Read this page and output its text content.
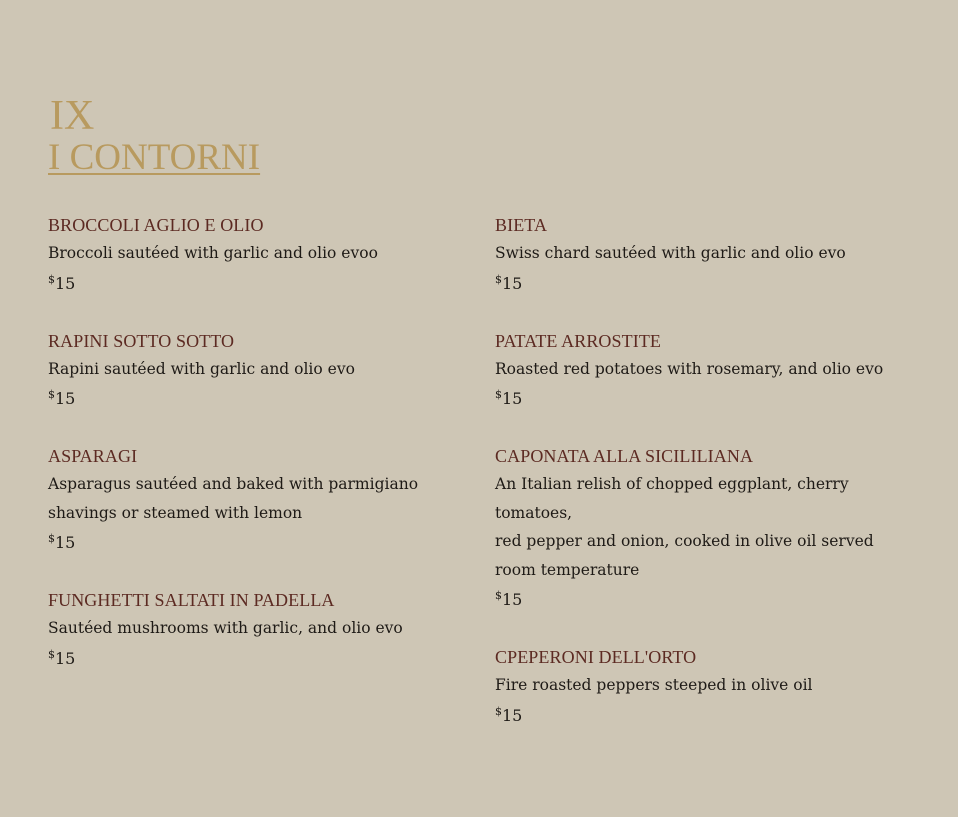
IX
I CONTORNI
BROCCOLI AGLIO E OLIO
Broccoli sautéed with garlic and olio evoo
$15
RAPINI SOTTO SOTTO
Rapini sautéed with garlic and olio evo
$15
ASPARAGI
Asparagus sautéed and baked with parmigiano shavings or steamed with lemon
$15
FUNGHETTI SALTATI IN PADELLA
Sautéed mushrooms with garlic, and olio evo
$15
BIETA
Swiss chard sautéed with garlic and olio evo
$15
PATATE ARROSTITE
Roasted red potatoes with rosemary, and olio evo
$15
CAPONATA ALLA SICILILIANA
An Italian relish of chopped eggplant, cherry tomatoes,
red pepper and onion, cooked in olive oil served room temperature
$15
CPEPERONI DELL'ORTO
Fire roasted peppers steeped in olive oil
$15
